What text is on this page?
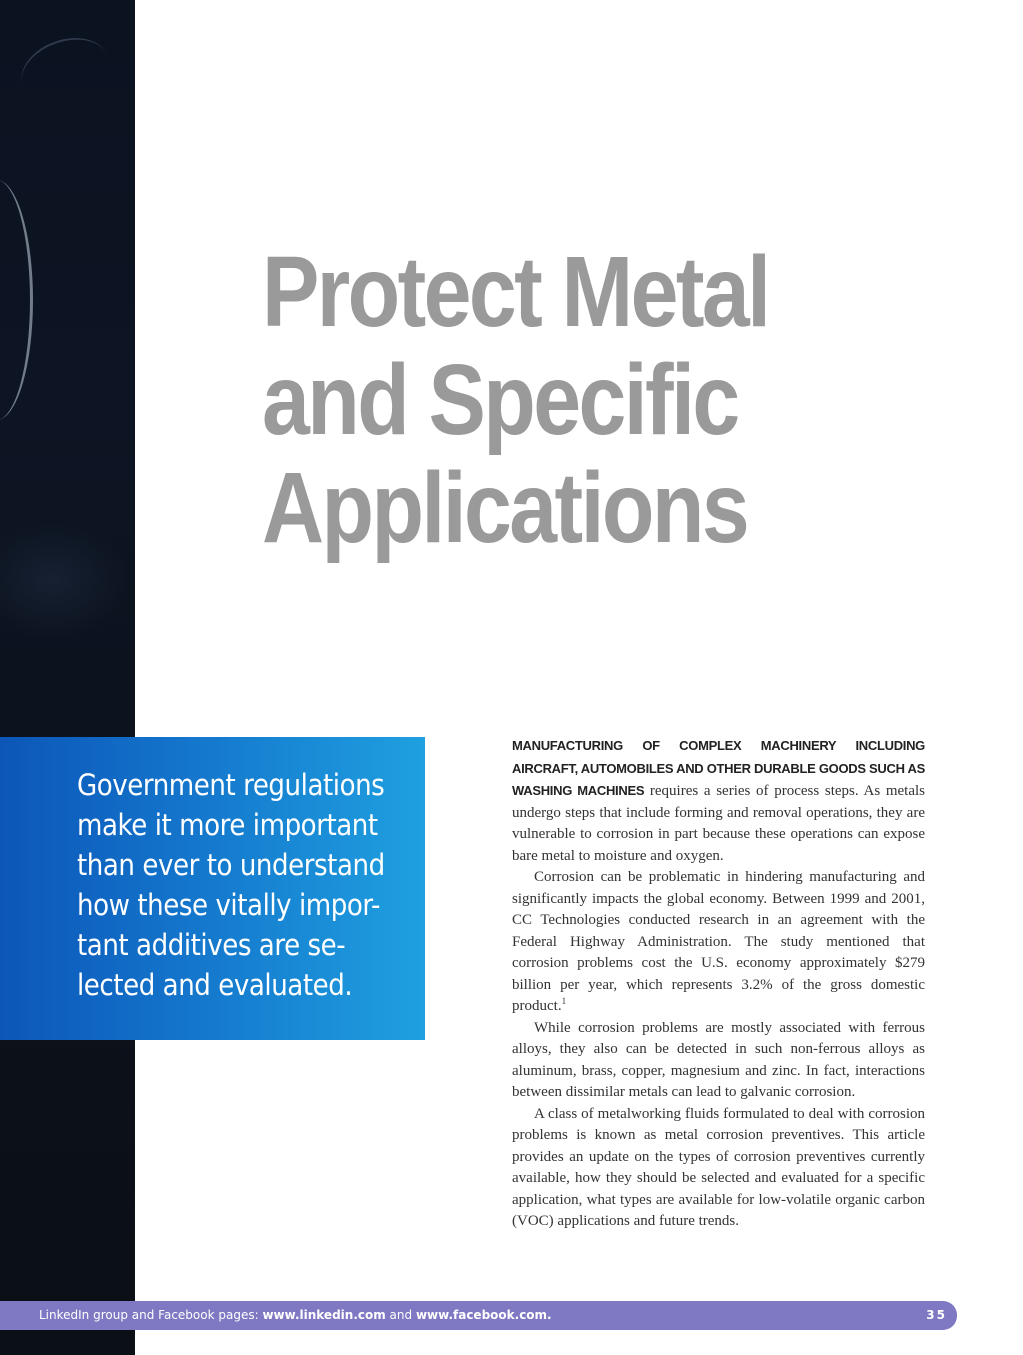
Protect Metal
and Specific
Applications
Government regulations
make it more important
than ever to understand
how these vitally impor-
tant additives are se-
lected and evaluated.

MANUFACTURING OF COMPLEX MACHINERY INCLUDING AIRCRAFT, AUTOMOBILES AND OTHER DURABLE GOODS SUCH AS WASHING MACHINES requires a series of process steps. As metals undergo steps that include forming and removal operations, they are vulnerable to corrosion in part because these operations can expose bare metal to moisture and oxygen.

Corrosion can be problematic in hindering manufacturing and significantly impacts the global economy. Between 1999 and 2001, CC Technologies conducted research in an agreement with the Federal Highway Administration. The study mentioned that corrosion problems cost the U.S. economy approximately $279 billion per year, which represents 3.2% of the gross domestic product.$^1$

While corrosion problems are mostly associated with ferrous alloys, they also can be detected in such non-ferrous alloys as aluminum, brass, copper, magnesium and zinc. In fact, interactions between dissimilar metals can lead to galvanic corrosion.

A class of metalworking fluids formulated to deal with corrosion problems is known as metal corrosion preventives. This article provides an update on the types of corrosion preventives currently available, how they should be selected and evaluated for a specific application, what types are available for low-volatile organic carbon (VOC) applications and future trends.

LinkedIn group and Facebook pages: www.linkedin.com and www.facebook.com.	35
